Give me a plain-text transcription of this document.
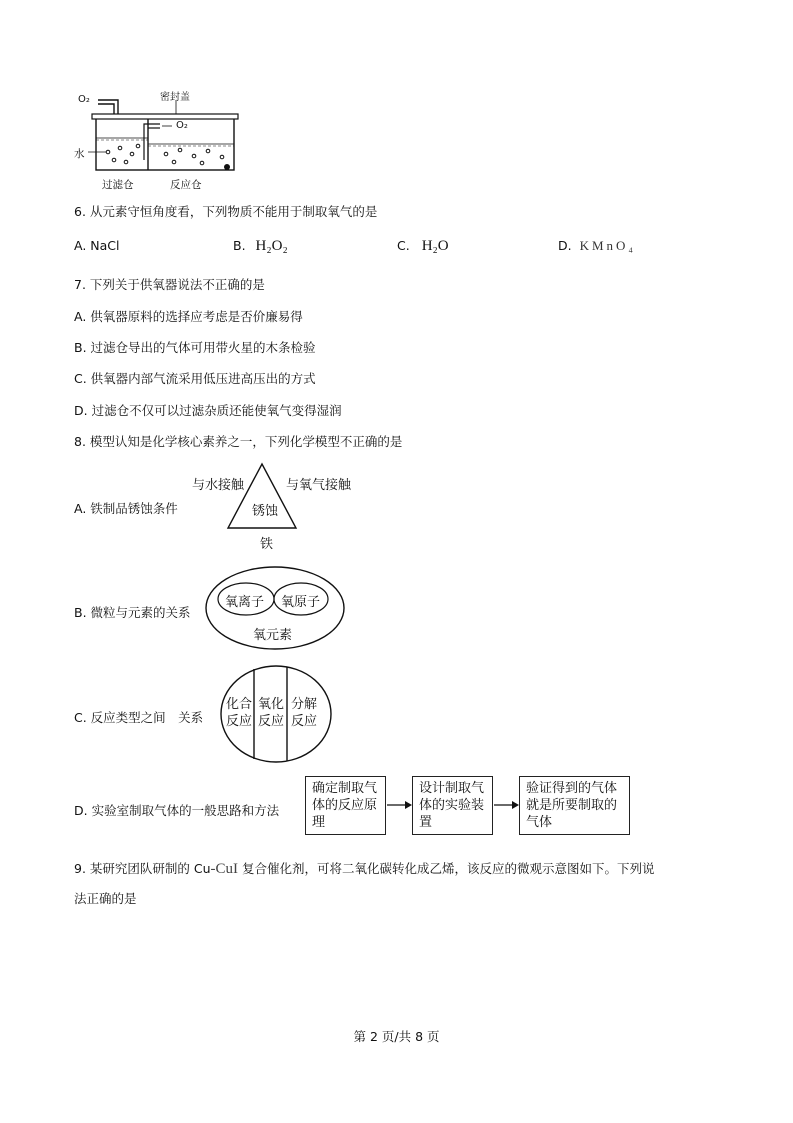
O₂	密封盖
O₂
水
过滤仓	反应仓
6. 从元素守恒角度看，下列物质不能用于制取氧气的是
A. NaCl	B. H₂O₂	C. H₂O	D. KMnO₄
7. 下列关于供氧器说法不正确的是
A. 供氧器原料的选择应考虑是否价廉易得
B. 过滤仓导出的气体可用带火星的木条检验
C. 供氧器内部气流采用低压进高压出的方式
D. 过滤仓不仅可以过滤杂质还能使氧气变得湿润
8. 模型认知是化学核心素养之一，下列化学模型不正确的是
A. 铁制品锈蚀条件
与水接触	与氧气接触
锈蚀
铁
B. 微粒与元素的关系
氧离子 氧原子
氧元素
C. 反应类型之间　关系
化合反应
氧化反应
分解反应
D. 实验室制取气体的一般思路和方法
确定制取气体的反应原理
设计制取气体的实验装置
验证得到的气体就是所要制取的气体
9. 某研究团队研制的 Cu-CuI 复合催化剂，可将二氧化碳转化成乙烯，该反应的微观示意图如下。下列说
法正确的是
第 2 页/共 8 页
